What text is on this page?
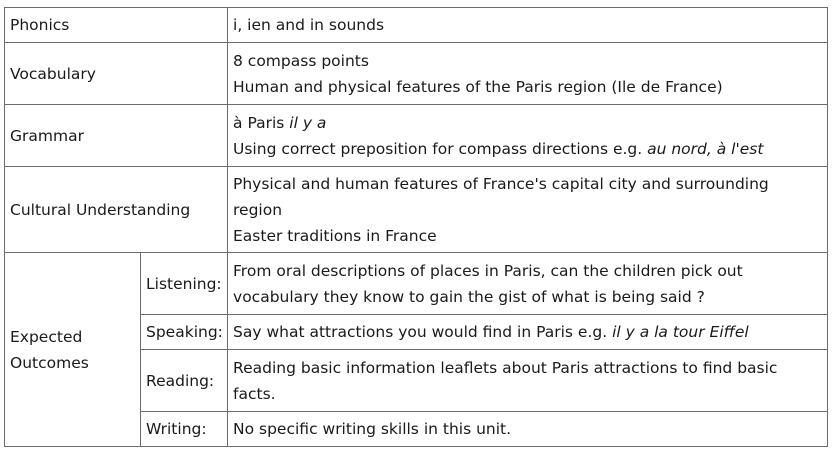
Phonics		i, ien and in sounds
Vocabulary		8 compass points
Human and physical features of the Paris region (Ile de France)

Grammar		à Paris il y a
Using correct preposition for compass directions e.g. au nord, à l'est

Cultural Understanding		Physical and human features of France's capital city and surrounding region
Easter traditions in France

Expected Outcomes	Listening:	From oral descriptions of places in Paris, can the children pick out vocabulary they know to gain the gist of what is being said ?
	Speaking:	Say what attractions you would find in Paris e.g. il y a la tour Eiffel
	Reading:	Reading basic information leaflets about Paris attractions to find basic facts.
	Writing:	No specific writing skills in this unit.
